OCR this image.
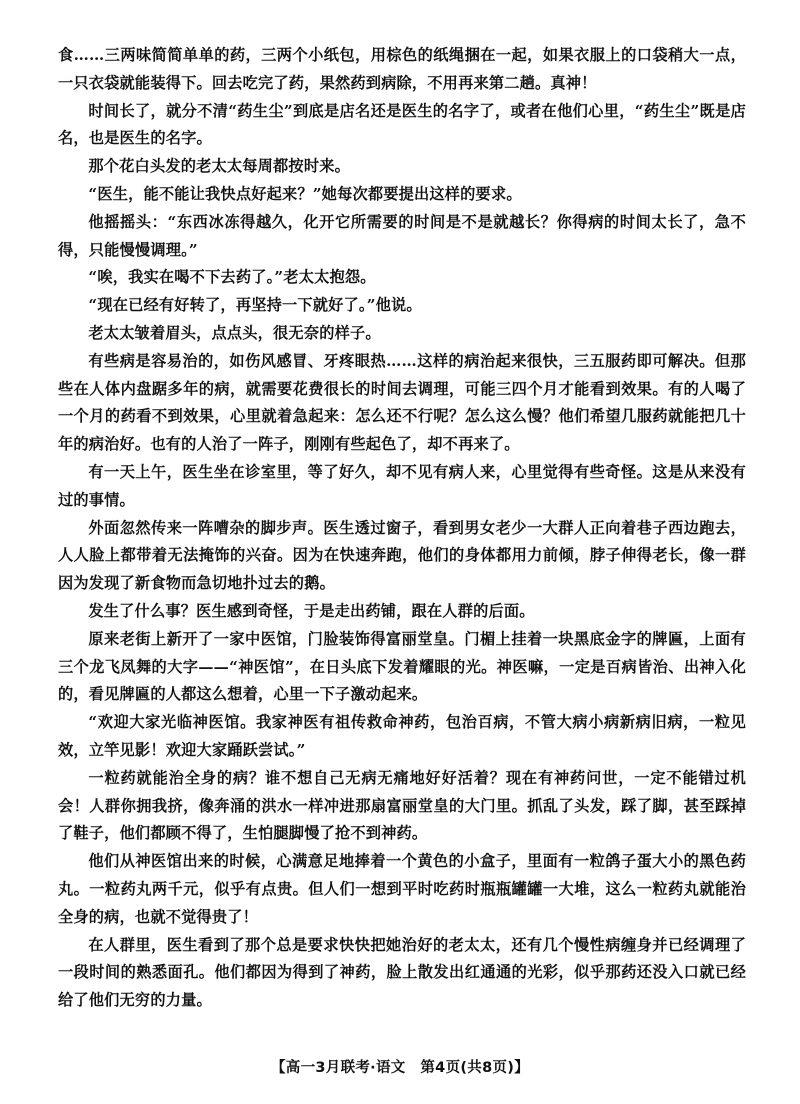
食……三两味简简单单的药，三两个小纸包，用棕色的纸绳捆在一起，如果衣服上的口袋稍大一点，一只衣袋就能装得下。回去吃完了药，果然药到病除，不用再来第二趟。真神！

时间长了，就分不清“药生尘”到底是店名还是医生的名字了，或者在他们心里，“药生尘”既是店名，也是医生的名字。

那个花白头发的老太太每周都按时来。

“医生，能不能让我快点好起来？”她每次都要提出这样的要求。

他摇摇头：“东西冰冻得越久，化开它所需要的时间是不是就越长？你得病的时间太长了，急不得，只能慢慢调理。”

“唉，我实在喝不下去药了。”老太太抱怨。

“现在已经有好转了，再坚持一下就好了。”他说。

老太太皱着眉头，点点头，很无奈的样子。

有些病是容易治的，如伤风感冒、牙疼眼热……这样的病治起来很快，三五服药即可解决。但那些在人体内盘踞多年的病，就需要花费很长的时间去调理，可能三四个月才能看到效果。有的人喝了一个月的药看不到效果，心里就着急起来：怎么还不行呢？怎么这么慢？他们希望几服药就能把几十年的病治好。也有的人治了一阵子，刚刚有些起色了，却不再来了。

有一天上午，医生坐在诊室里，等了好久，却不见有病人来，心里觉得有些奇怪。这是从来没有过的事情。

外面忽然传来一阵嘈杂的脚步声。医生透过窗子，看到男女老少一大群人正向着巷子西边跑去，人人脸上都带着无法掩饰的兴奋。因为在快速奔跑，他们的身体都用力前倾，脖子伸得老长，像一群因为发现了新食物而急切地扑过去的鹅。

发生了什么事？医生感到奇怪，于是走出药铺，跟在人群的后面。

原来老街上新开了一家中医馆，门脸装饰得富丽堂皇。门楣上挂着一块黑底金字的牌匾，上面有三个龙飞凤舞的大字——“神医馆”，在日头底下发着耀眼的光。神医嘛，一定是百病皆治、出神入化的，看见牌匾的人都这么想着，心里一下子激动起来。

“欢迎大家光临神医馆。我家神医有祖传救命神药，包治百病，不管大病小病新病旧病，一粒见效，立竿见影！欢迎大家踊跃尝试。”

一粒药就能治全身的病？谁不想自己无病无痛地好好活着？现在有神药问世，一定不能错过机会！人群你拥我挤，像奔涌的洪水一样冲进那扇富丽堂皇的大门里。抓乱了头发，踩了脚，甚至踩掉了鞋子，他们都顾不得了，生怕腿脚慢了抢不到神药。

他们从神医馆出来的时候，心满意足地捧着一个黄色的小盒子，里面有一粒鸽子蛋大小的黑色药丸。一粒药丸两千元，似乎有点贵。但人们一想到平时吃药时瓶瓶罐罐一大堆，这么一粒药丸就能治全身的病，也就不觉得贵了！

在人群里，医生看到了那个总是要求快快把她治好的老太太，还有几个慢性病缠身并已经调理了一段时间的熟悉面孔。他们都因为得到了神药，脸上散发出红通通的光彩，似乎那药还没入口就已经给了他们无穷的力量。

【高一3月联考·语文　第4页(共8页)】
